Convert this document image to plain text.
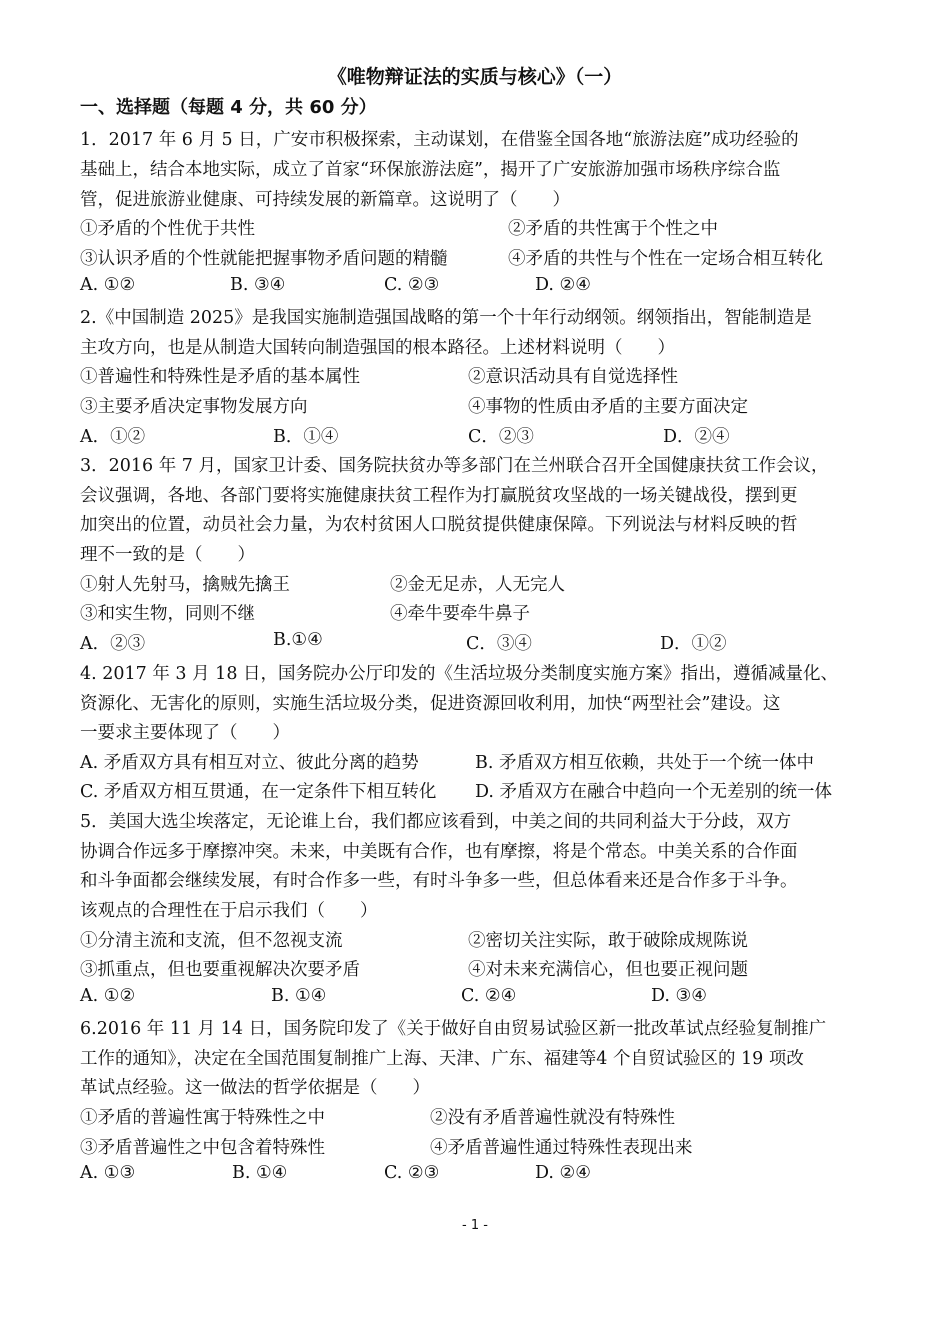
《唯物辩证法的实质与核心》（一）
一、选择题（每题 4 分，共 60 分）
1．2017 年 6 月 5 日，广安市积极探索，主动谋划，在借鉴全国各地“旅游法庭”成功经验的
基础上，结合本地实际，成立了首家“环保旅游法庭”，揭开了广安旅游加强市场秩序综合监
管，促进旅游业健康、可持续发展的新篇章。这说明了（　　）
①矛盾的个性优于共性	②矛盾的共性寓于个性之中
③认识矛盾的个性就能把握事物矛盾问题的精髓	④矛盾的共性与个性在一定场合相互转化
A. ①②	B. ③④	C. ②③	D. ②④
2.《中国制造 2025》是我国实施制造强国战略的第一个十年行动纲领。纲领指出，智能制造是
主攻方向，也是从制造大国转向制造强国的根本路径。上述材料说明（　　）
①普遍性和特殊性是矛盾的基本属性	②意识活动具有自觉选择性
③主要矛盾决定事物发展方向	④事物的性质由矛盾的主要方面决定
A．①②	B．①④	C．②③	D．②④
3．2016 年 7 月，国家卫计委、国务院扶贫办等多部门在兰州联合召开全国健康扶贫工作会议，
会议强调，各地、各部门要将实施健康扶贫工程作为打赢脱贫攻坚战的一场关键战役，摆到更
加突出的位置，动员社会力量，为农村贫困人口脱贫提供健康保障。下列说法与材料反映的哲
理不一致的是（　　）
①射人先射马，擒贼先擒王	②金无足赤，人无完人
③和实生物，同则不继	④牵牛要牵牛鼻子
A．②③	B.①④	C．③④	D．①②
4. 2017 年 3 月 18 日，国务院办公厅印发的《生活垃圾分类制度实施方案》指出，遵循减量化、
资源化、无害化的原则，实施生活垃圾分类，促进资源回收利用，加快“两型社会”建设。这
一要求主要体现了（　　）
A. 矛盾双方具有相互对立、彼此分离的趋势	B. 矛盾双方相互依赖，共处于一个统一体中
C. 矛盾双方相互贯通，在一定条件下相互转化 D. 矛盾双方在融合中趋向一个无差别的统一体
5．美国大选尘埃落定，无论谁上台，我们都应该看到，中美之间的共同利益大于分歧，双方
协调合作远多于摩擦冲突。未来，中美既有合作，也有摩擦，将是个常态。中美关系的合作面
和斗争面都会继续发展，有时合作多一些，有时斗争多一些，但总体看来还是合作多于斗争。
该观点的合理性在于启示我们（　　）
①分清主流和支流，但不忽视支流	②密切关注实际，敢于破除成规陈说
③抓重点，但也要重视解决次要矛盾	④对未来充满信心，但也要正视问题
A. ①②	B. ①④	C. ②④	D. ③④
6.2016 年 11 月 14 日，国务院印发了《关于做好自由贸易试验区新一批改革试点经验复制推广
工作的通知》，决定在全国范围复制推广上海、天津、广东、福建等4 个自贸试验区的 19 项改
革试点经验。这一做法的哲学依据是（　　）
①矛盾的普遍性寓于特殊性之中	②没有矛盾普遍性就没有特殊性
③矛盾普遍性之中包含着特殊性	④矛盾普遍性通过特殊性表现出来
A. ①③	B. ①④	C. ②③	D. ②④
- 1 -
